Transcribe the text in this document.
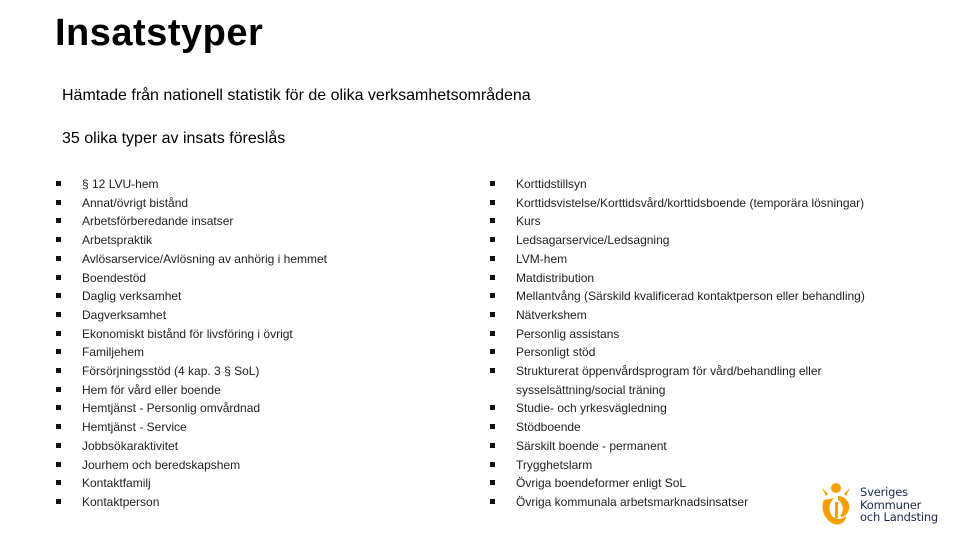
Insatstyper
Hämtade från nationell statistik för de olika verksamhetsområdena
35 olika typer av insats föreslås
§ 12 LVU-hem
Annat/övrigt bistånd
Arbetsförberedande insatser
Arbetspraktik
Avlösarservice/Avlösning av anhörig i hemmet
Boendestöd
Daglig verksamhet
Dagverksamhet
Ekonomiskt bistånd för livsföring i övrigt
Familjehem
Försörjningsstöd (4 kap. 3 § SoL)
Hem för vård eller boende
Hemtjänst - Personlig omvårdnad
Hemtjänst - Service
Jobbsökaraktivitet
Jourhem och beredskapshem
Kontaktfamilj
Kontaktperson
Korttidstillsyn
Korttidsvistelse/Korttidsvård/korttidsboende (temporära lösningar)
Kurs
Ledsagarservice/Ledsagning
LVM-hem
Matdistribution
Mellantvång (Särskild kvalificerad kontaktperson eller behandling)
Nätverkshem
Personlig assistans
Personligt stöd
Strukturerat öppenvårdsprogram för vård/behandling eller sysselsättning/social träning
Studie- och yrkesvägledning
Stödboende
Särskilt boende - permanent
Trygghetslarm
Övriga boendeformer enligt SoL
Övriga kommunala arbetsmarknadsinsatser
Sveriges
Kommuner
och Landsting
